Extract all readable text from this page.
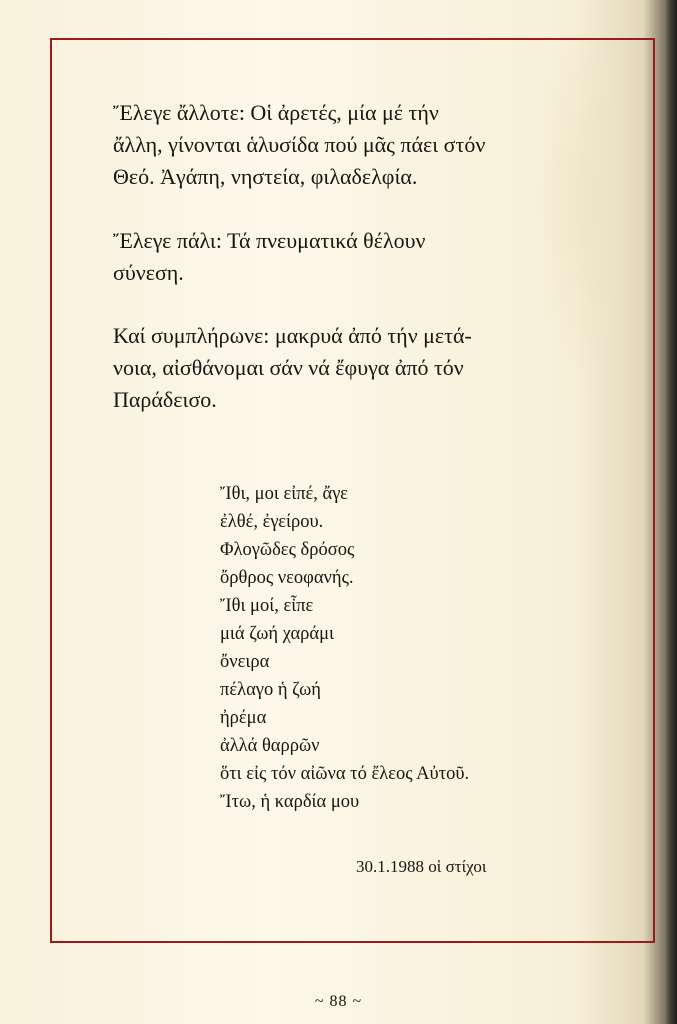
Ἔλεγε ἄλλοτε: Οἱ ἀρετές, μία μέ τήν
ἄλλη, γίνονται ἁλυσίδα πού μᾶς πάει στόν
Θεό. Ἀγάπη, νηστεία, φιλαδελφία.

Ἔλεγε πάλι: Τά πνευματικά θέλουν
σύνεση.

Καί συμπλήρωνε: μακρυά ἀπό τήν μετά-
νοια, αἰσθάνομαι σάν νά ἔφυγα ἀπό τόν
Παράδεισο.

Ἴθι, μοι εἰπέ, ἄγε
ἐλθέ, ἐγείρου.
Φλογῶδες δρόσος
ὄρθρος νεοφανής.
Ἴθι μοί, εἶπε
μιά ζωή χαράμι
ὄνειρα
πέλαγο ἡ ζωή
ἠρέμα
ἀλλά θαρρῶν
ὅτι εἰς τόν αἰῶνα τό ἔλεος Αὐτοῦ.
Ἴτω, ἡ καρδία μου

30.1.1988 οἱ στίχοι
~ 88 ~
